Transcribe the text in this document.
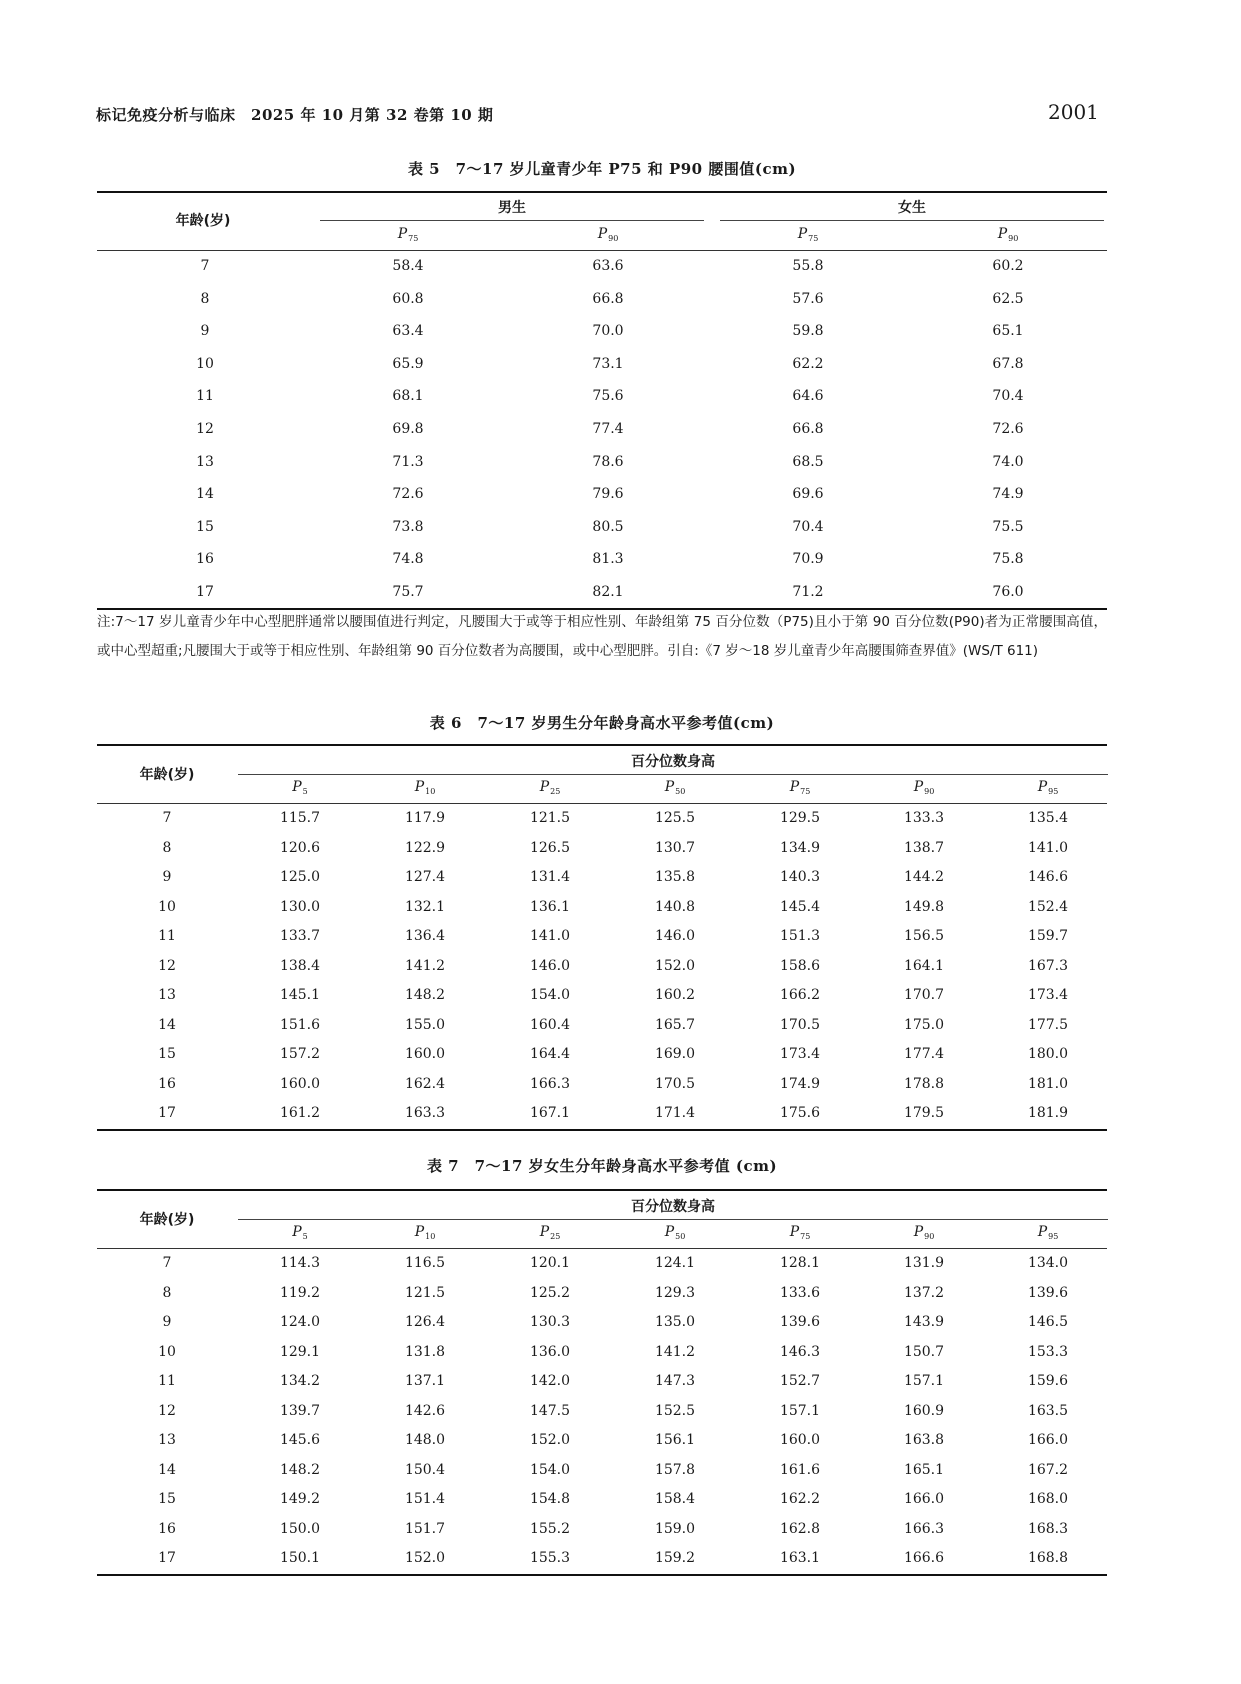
标记免疫分析与临床　2025 年 10 月第 32 卷第 10 期	2001
表 5　7～17 岁儿童青少年 P75 和 P90 腰围值(cm)
年龄(岁)
男生	女生
$P_{75}$	$P_{90}$	$P_{75}$	$P_{90}$
7	58.4	63.6	55.8	60.2
8	60.8	66.8	57.6	62.5
9	63.4	70.0	59.8	65.1
10	65.9	73.1	62.2	67.8
11	68.1	75.6	64.6	70.4
12	69.8	77.4	66.8	72.6
13	71.3	78.6	68.5	74.0
14	72.6	79.6	69.6	74.9
15	73.8	80.5	70.4	75.5
16	74.8	81.3	70.9	75.8
17	75.7	82.1	71.2	76.0
注:7～17 岁儿童青少年中心型肥胖通常以腰围值进行判定，凡腰围大于或等于相应性别、年龄组第 75 百分位数（P75)且小于第 90 百分位数(P90)者为正常腰围高值，或中心型超重;凡腰围大于或等于相应性别、年龄组第 90 百分位数者为高腰围，或中心型肥胖。引自:《7 岁～18 岁儿童青少年高腰围筛查界值》(WS/T 611)
表 6　7～17 岁男生分年龄身高水平参考值(cm)
年龄(岁)
百分位数身高
$P_5$	$P_{10}$	$P_{25}$	$P_{50}$	$P_{75}$	$P_{90}$	$P_{95}$
7	115.7	117.9	121.5	125.5	129.5	133.3	135.4
8	120.6	122.9	126.5	130.7	134.9	138.7	141.0
9	125.0	127.4	131.4	135.8	140.3	144.2	146.6
10	130.0	132.1	136.1	140.8	145.4	149.8	152.4
11	133.7	136.4	141.0	146.0	151.3	156.5	159.7
12	138.4	141.2	146.0	152.0	158.6	164.1	167.3
13	145.1	148.2	154.0	160.2	166.2	170.7	173.4
14	151.6	155.0	160.4	165.7	170.5	175.0	177.5
15	157.2	160.0	164.4	169.0	173.4	177.4	180.0
16	160.0	162.4	166.3	170.5	174.9	178.8	181.0
17	161.2	163.3	167.1	171.4	175.6	179.5	181.9
表 7　7～17 岁女生分年龄身高水平参考值 (cm)
年龄(岁)
百分位数身高
$P_5$	$P_{10}$	$P_{25}$	$P_{50}$	$P_{75}$	$P_{90}$	$P_{95}$
7	114.3	116.5	120.1	124.1	128.1	131.9	134.0
8	119.2	121.5	125.2	129.3	133.6	137.2	139.6
9	124.0	126.4	130.3	135.0	139.6	143.9	146.5
10	129.1	131.8	136.0	141.2	146.3	150.7	153.3
11	134.2	137.1	142.0	147.3	152.7	157.1	159.6
12	139.7	142.6	147.5	152.5	157.1	160.9	163.5
13	145.6	148.0	152.0	156.1	160.0	163.8	166.0
14	148.2	150.4	154.0	157.8	161.6	165.1	167.2
15	149.2	151.4	154.8	158.4	162.2	166.0	168.0
16	150.0	151.7	155.2	159.0	162.8	166.3	168.3
17	150.1	152.0	155.3	159.2	163.1	166.6	168.8
